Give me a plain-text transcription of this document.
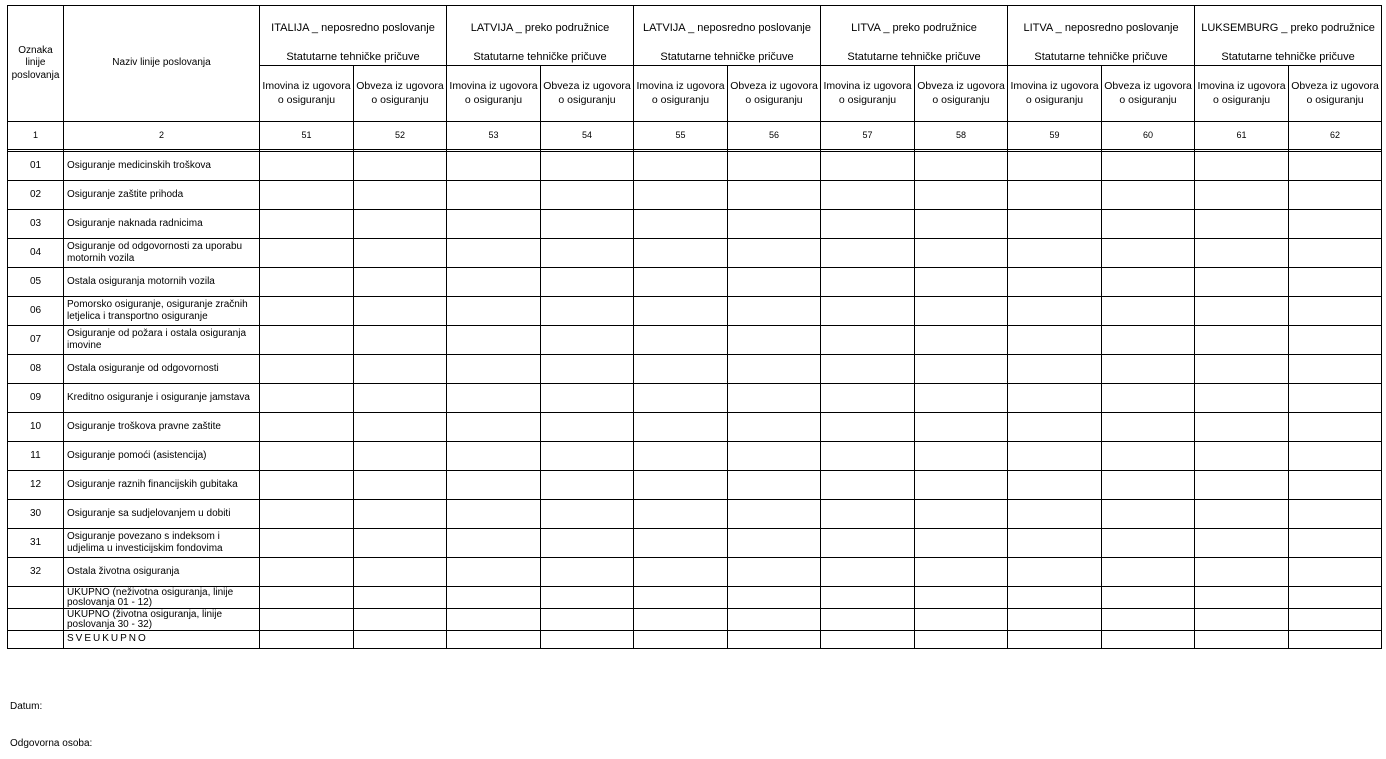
Oznaka linije poslovanja	Naziv linije poslovanja	ITALIJA _ neposredno poslovanje		LATVIJA _ preko podružnice		LATVIJA _ neposredno poslovanje		LITVA _ preko podružnice		LITVA _ neposredno poslovanje		LUKSEMBURG _ preko podružnice	
		Statutarne tehničke pričuve		Statutarne tehničke pričuve		Statutarne tehničke pričuve		Statutarne tehničke pričuve		Statutarne tehničke pričuve		Statutarne tehničke pričuve	
		Imovina iz ugovora o osiguranju	Obveza iz ugovora o osiguranju	Imovina iz ugovora o osiguranju	Obveza iz ugovora o osiguranju	Imovina iz ugovora o osiguranju	Obveza iz ugovora o osiguranju	Imovina iz ugovora o osiguranju	Obveza iz ugovora o osiguranju	Imovina iz ugovora o osiguranju	Obveza iz ugovora o osiguranju	Imovina iz ugovora o osiguranju	Obveza iz ugovora o osiguranju
1	2	51	52	53	54	55	56	57	58	59	60	61	62

01	Osiguranje medicinskih troškova												
02	Osiguranje zaštite prihoda												
03	Osiguranje naknada radnicima												
04	Osiguranje od odgovornosti za uporabu motornih vozila												
05	Ostala osiguranja motornih vozila												
06	Pomorsko osiguranje, osiguranje zračnih letjelica i transportno osiguranje												
07	Osiguranje od požara i ostala osiguranja imovine												
08	Ostala osiguranje od odgovornosti												
09	Kreditno osiguranje i osiguranje jamstava												
10	Osiguranje troškova pravne zaštite												
11	Osiguranje pomoći (asistencija)												
12	Osiguranje raznih financijskih gubitaka												
30	Osiguranje sa sudjelovanjem u dobiti												
31	Osiguranje povezano s indeksom i udjelima u investicijskim fondovima												
32	Ostala životna osiguranja												
	UKUPNO (neživotna osiguranja, linije poslovanja 01 - 12)												
	UKUPNO (životna osiguranja, linije poslovanja 30 - 32)												
	SVEUKUPNO												
Datum:
Odgovorna osoba:
